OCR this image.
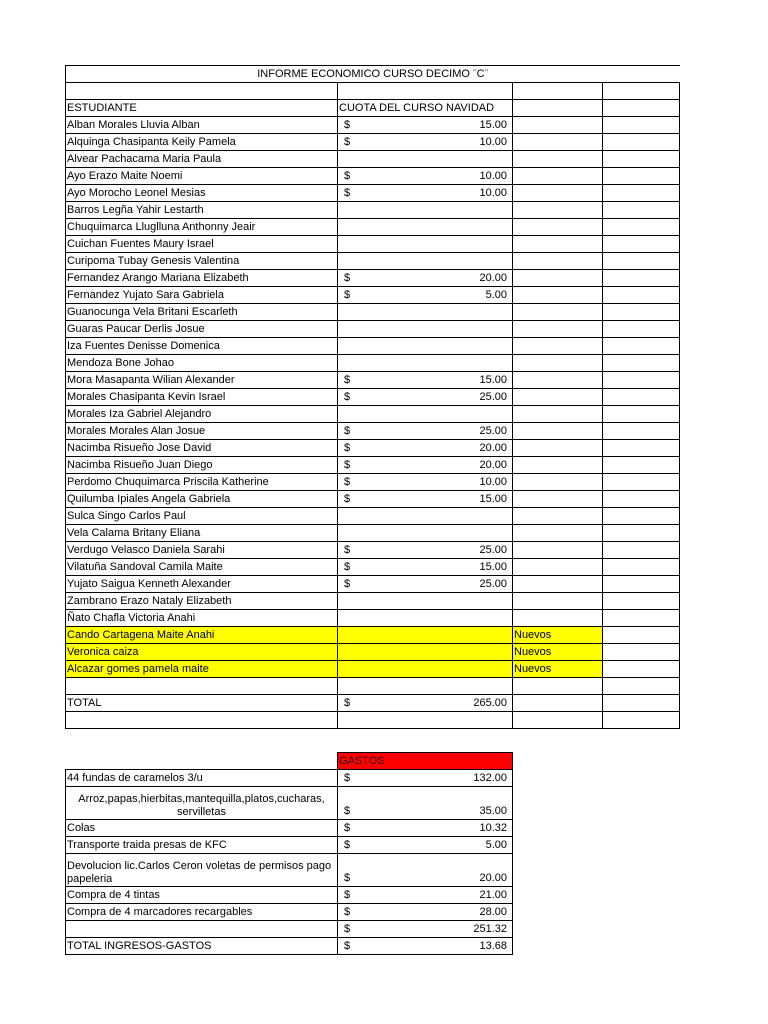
INFORME ECONOMICO CURSO DECIMO ¨C¨			

ESTUDIANTE	CUOTA DEL CURSO NAVIDAD		
Alban Morales Lluvia Alban	$ 15.00		

Alquinga Chasipanta Keily Pamela	$ 10.00		

Alvear Pachacama Maria Paula			
Ayo Erazo Maite Noemi	$ 10.00		

Ayo Morocho Leonel Mesias	$ 10.00		

Barros Legña Yahir Lestarth			
Chuquimarca Lluglluna Anthonny Jeair			
Cuichan Fuentes Maury Israel			
Curipoma Tubay Genesis Valentina			
Fernandez Arango Mariana Elizabeth	$ 20.00		

Fernandez Yujato Sara Gabriela	$ 5.00		

Guanocunga Vela Britani Escarleth			
Guaras Paucar Derlis Josue			
Iza Fuentes Denisse Domenica			
Mendoza Bone Johao			
Mora Masapanta Wilian Alexander	$ 15.00		

Morales Chasipanta Kevin Israel	$ 25.00		

Morales Iza Gabriel Alejandro			
Morales Morales Alan Josue	$ 25.00		

Nacimba Risueño Jose David	$ 20.00		

Nacimba Risueño Juan Diego	$ 20.00		

Perdomo Chuquimarca Priscila Katherine	$ 10.00		

Quilumba Ipiales Angela Gabriela	$ 15.00		

Sulca Singo Carlos Paul			
Vela Calama Britany Eliana			
Verdugo Velasco Daniela Sarahi	$ 25.00		

Vilatuña Sandoval Camila Maite	$ 15.00		

Yujato Saigua Kenneth Alexander	$ 25.00		

Zambrano Erazo Nataly Elizabeth			
Ñato Chafla Victoria Anahi			
Cando Cartagena Maite Anahi		Nuevos	
Veronica caiza		Nuevos	
Alcazar gomes pamela maite		Nuevos	

TOTAL	$ 265.00		

	GASTOS
44 fundas de caramelos 3/u	$ 132.00

Arroz,papas,hierbitas,mantequilla,platos,cucharas, servilletas	$ 35.00

Colas	$ 10.32

Transporte traida presas de KFC	$ 5.00

Devolucion lic.Carlos Ceron voletas de permisos pago papeleria	$ 20.00

Compra de 4 tintas	$ 21.00

Compra de 4 marcadores recargables	$ 28.00

	$ 251.32

TOTAL INGRESOS-GASTOS	$ 13.68
